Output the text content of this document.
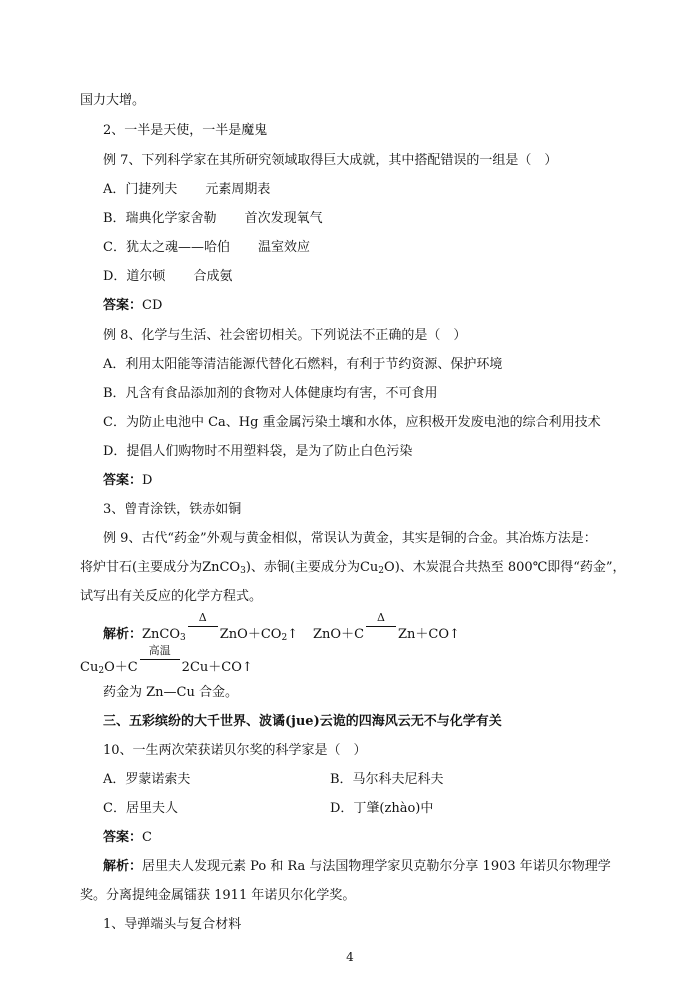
国力大增。
2、一半是天使，一半是魔鬼
例 7、下列科学家在其所研究领域取得巨大成就，其中搭配错误的一组是（　）
A．门捷列夫 元素周期表
B．瑞典化学家舍勒 首次发现氧气
C．犹太之魂——哈伯 温室效应
D．道尔顿 合成氨
答案：CD
例 8、化学与生活、社会密切相关。下列说法不正确的是（　）
A．利用太阳能等清洁能源代替化石燃料，有利于节约资源、保护环境
B．凡含有食品添加剂的食物对人体健康均有害，不可食用
C．为防止电池中 Ca、Hg 重金属污染土壤和水体，应积极开发废电池的综合利用技术
D．提倡人们购物时不用塑料袋，是为了防止白色污染
答案：D
3、曾青涂铁，铁赤如铜
例 9、古代“药金”外观与黄金相似，常误认为黄金，其实是铜的合金。其冶炼方法是：
将炉甘石(主要成分为ZnCO$_3$)、赤铜(主要成分为$Cu_2O$)、木炭混合共热至 800℃即得“药金”，
试写出有关反应的化学方程式。
解析：ZnCO$_3$
Δ
$ZnO+CO_2↑$ ZnO＋C
Δ
Zn＋CO↑
$Cu_2O+C$
高温
2Cu＋CO↑
药金为 Zn—Cu 合金。
三、五彩缤纷的大千世界、波谲(jue)云诡的四海风云无不与化学有关
10、一生两次荣获诺贝尔奖的科学家是（　）
A．罗蒙诺索夫	B．马尔科夫尼科夫
C．居里夫人	D．丁肇(zhào)中
答案：C
解析：居里夫人发现元素 Po 和 Ra 与法国物理学家贝克勒尔分享 1903 年诺贝尔物理学
奖。分离提纯金属镭获 1911 年诺贝尔化学奖。
1、导弹端头与复合材料
4
